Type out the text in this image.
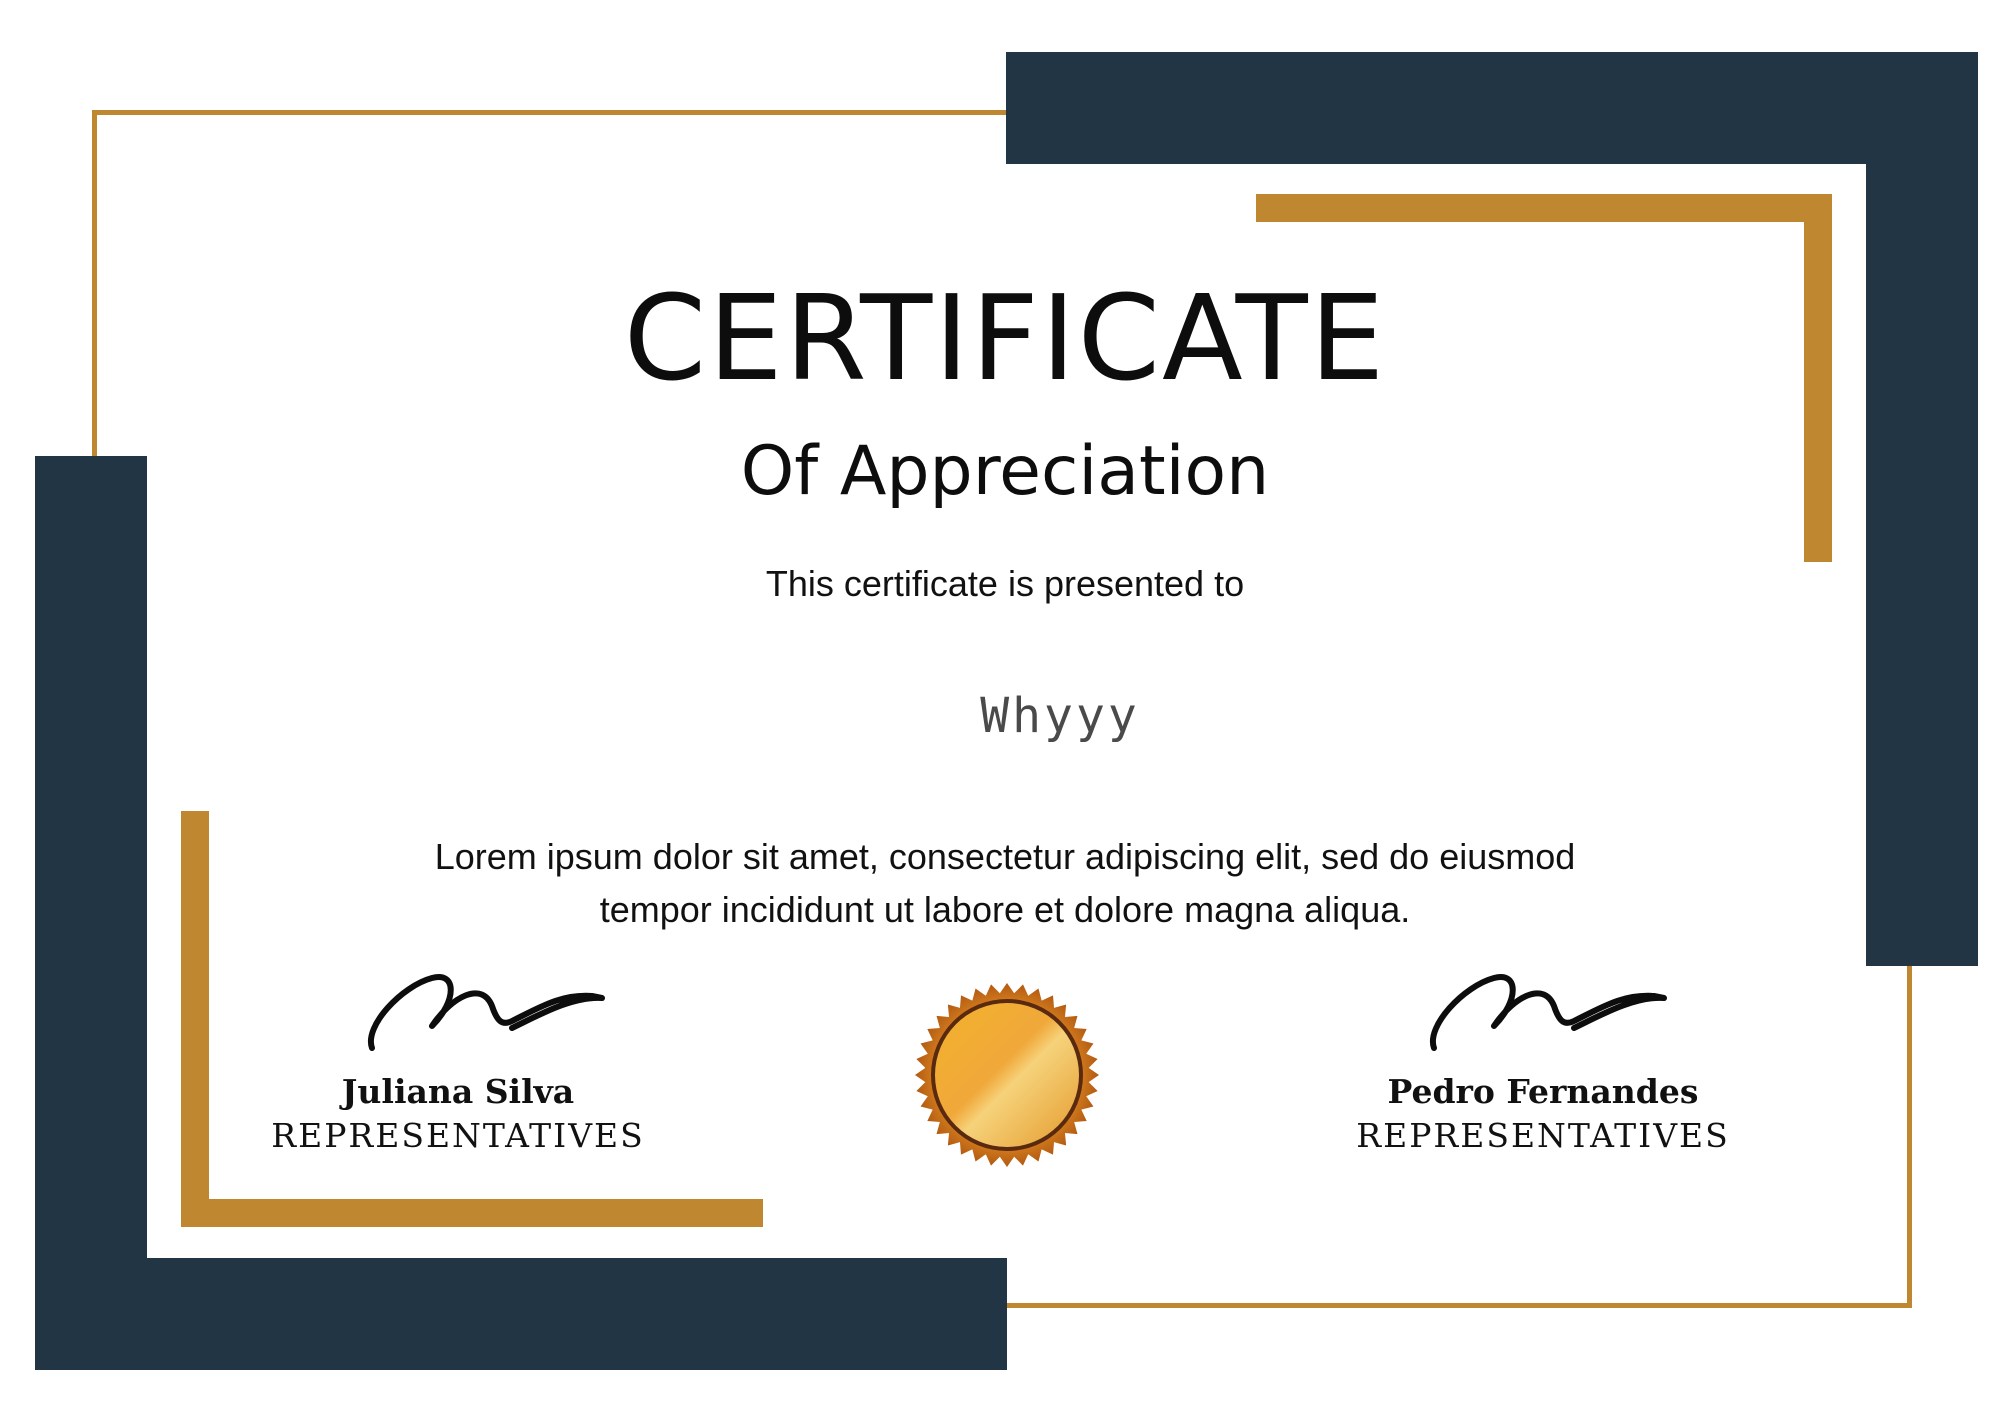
CERTIFICATE
Of Appreciation
This certificate is presented to
Whyyy
Lorem ipsum dolor sit amet, consectetur adipiscing elit, sed do eiusmod
tempor incididunt ut labore et dolore magna aliqua.
Juliana Silva
REPRESENTATIVES
Pedro Fernandes
REPRESENTATIVES
